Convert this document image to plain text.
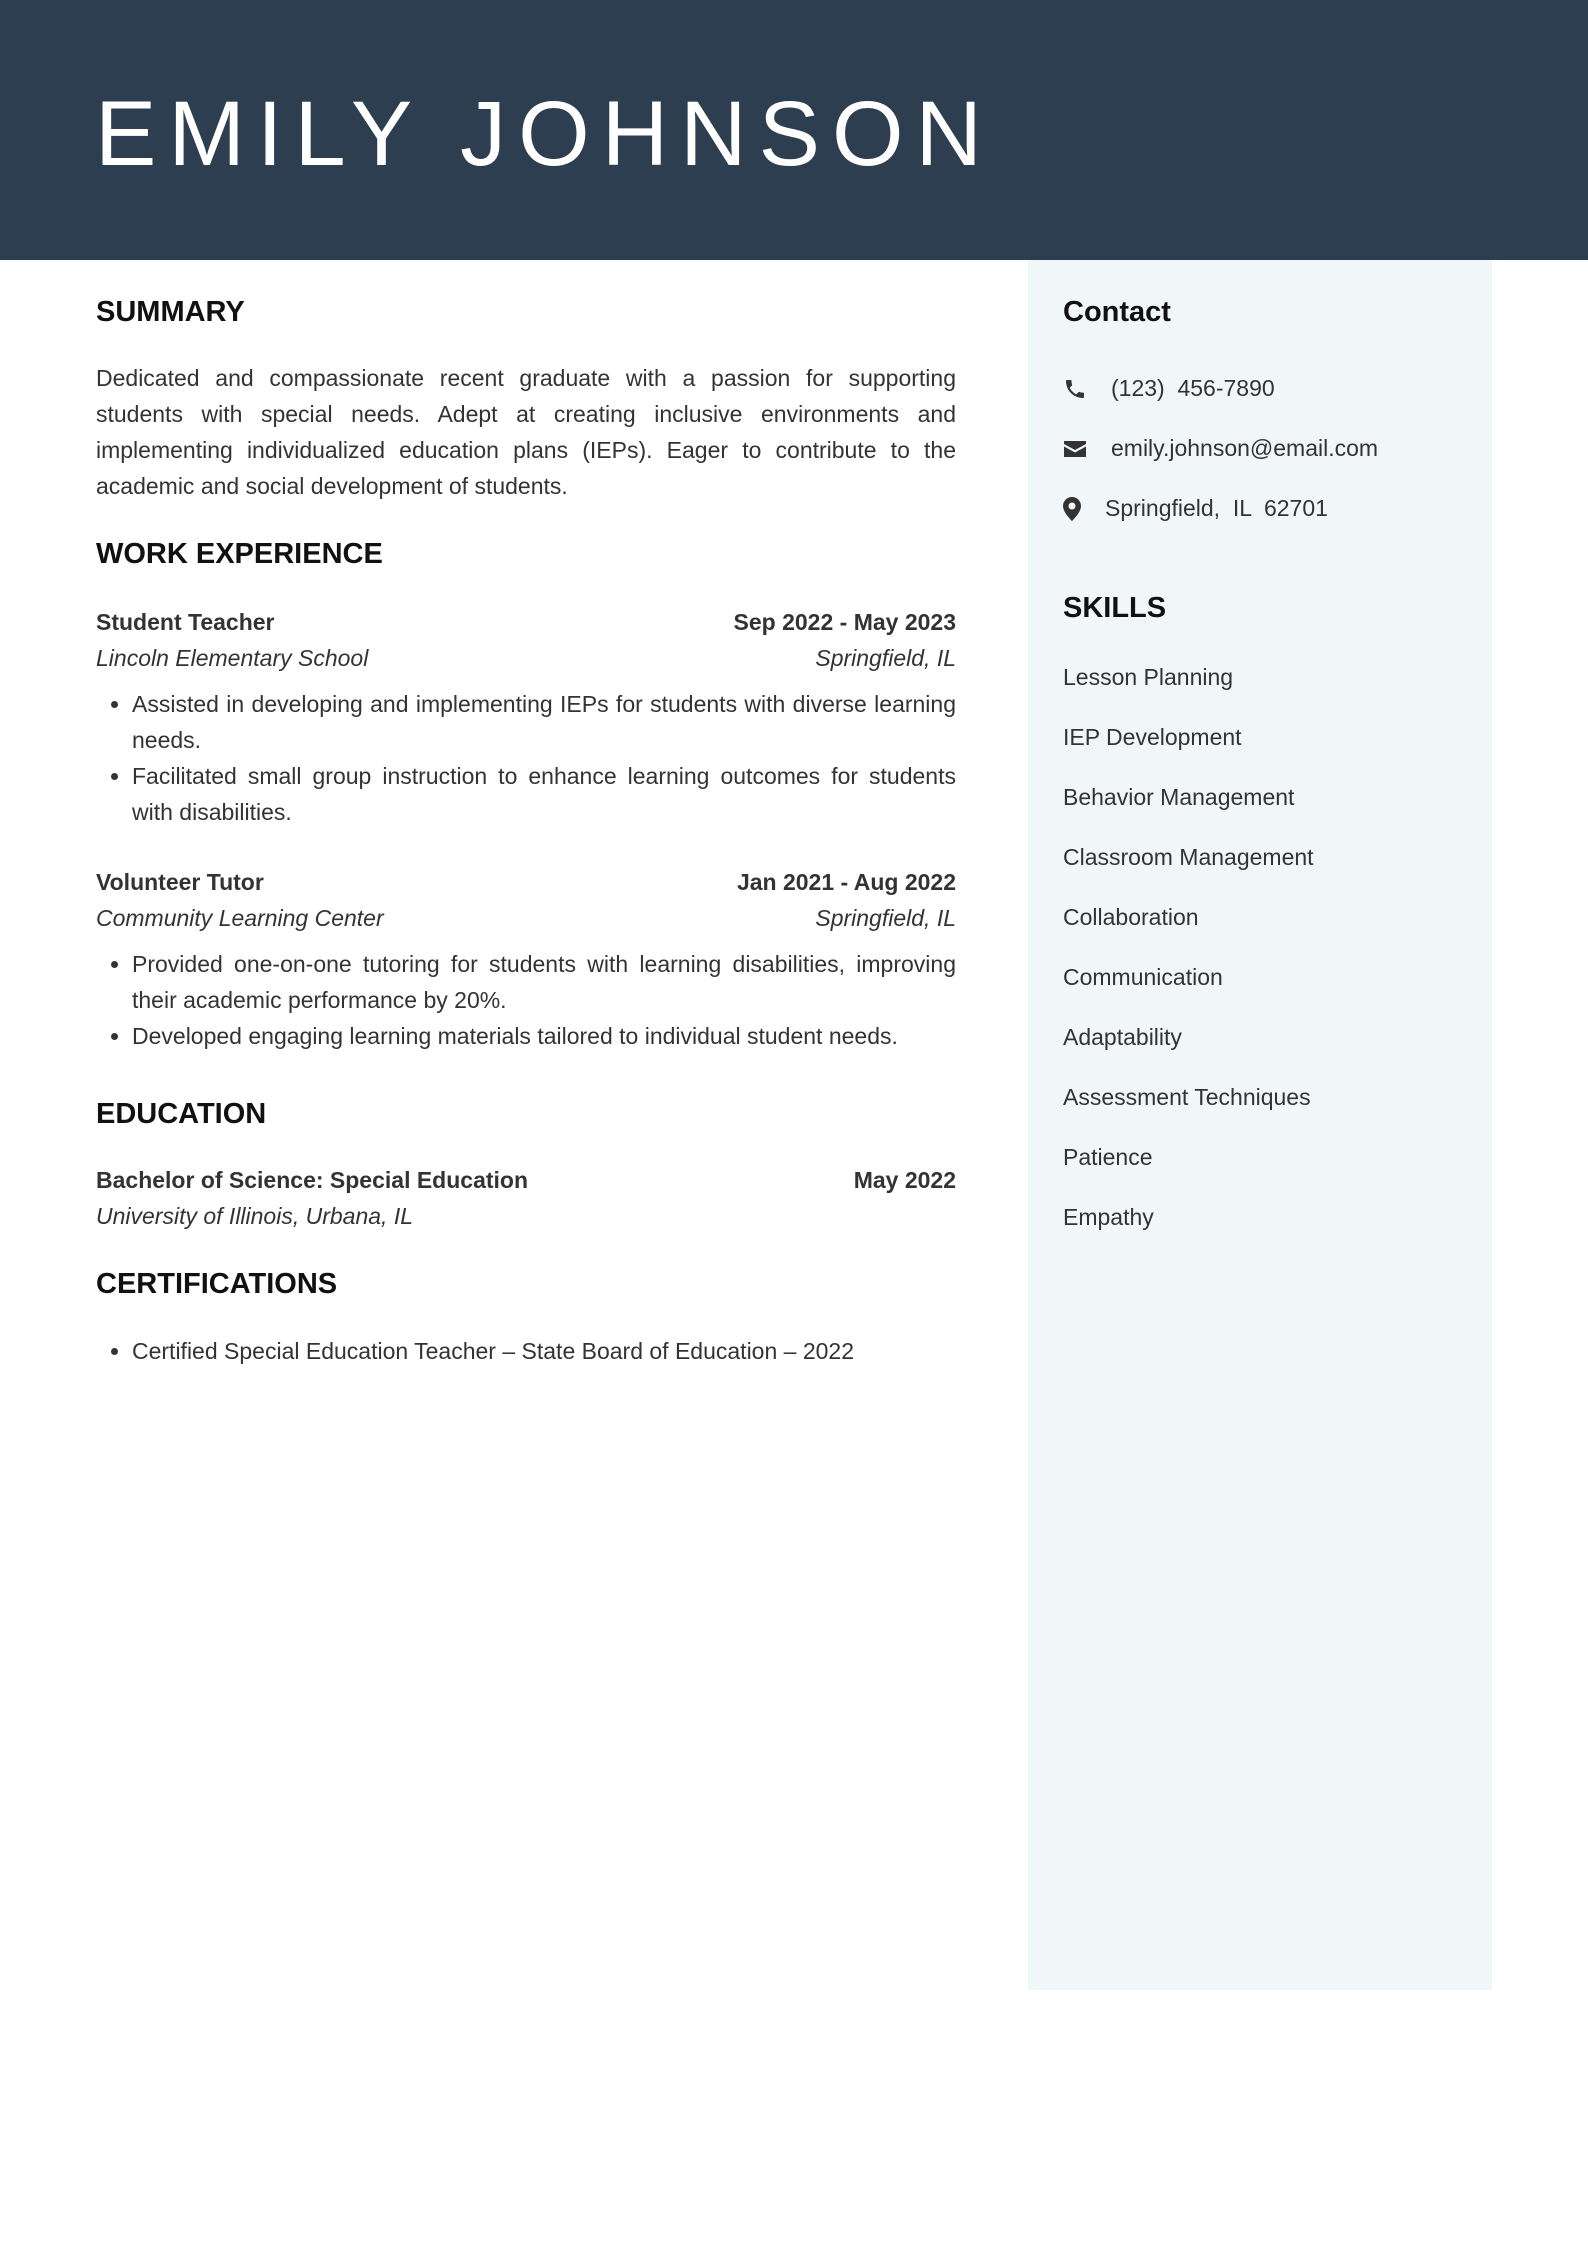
EMILY JOHNSON
SUMMARY

Dedicated and compassionate recent graduate with a passion for supporting students with special needs. Adept at creating inclusive environments and implementing individualized education plans (IEPs). Eager to contribute to the academic and social development of students.

WORK EXPERIENCE
Student Teacher	Sep 2022 - May 2023
Lincoln Elementary School	Springfield, IL
• Assisted in developing and implementing IEPs for students with diverse learning needs.
• Facilitated small group instruction to enhance learning outcomes for students with disabilities.
Volunteer Tutor	Jan 2021 - Aug 2022
Community Learning Center	Springfield, IL
• Provided one-on-one tutoring for students with learning disabilities, improving their academic performance by 20%.
• Developed engaging learning materials tailored to individual student needs.
EDUCATION
Bachelor of Science: Special Education	May 2022
University of Illinois, Urbana, IL
CERTIFICATIONS
• Certified Special Education Teacher – State Board of Education – 2022
Contact
(123)  456-7890
emily.johnson@email.com
Springfield,  IL  62701
SKILLS
Lesson Planning
IEP Development
Behavior Management
Classroom Management
Collaboration
Communication
Adaptability
Assessment Techniques
Patience
Empathy
